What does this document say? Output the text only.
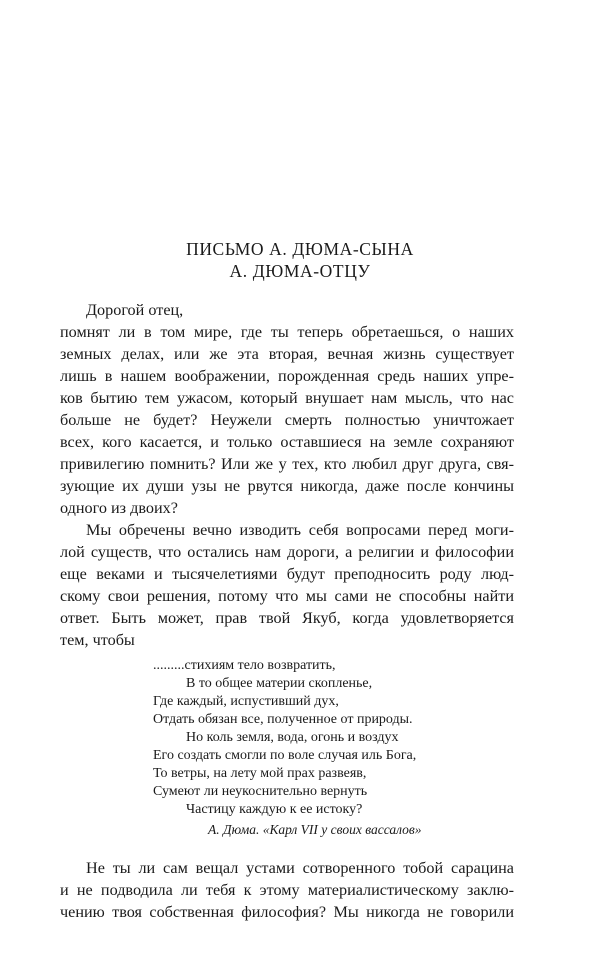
ПИСЬМО А. ДЮМА-СЫНА
А. ДЮМА-ОТЦУ
Дорогой отец,
помнят ли в том мире, где ты теперь обретаешься, о наших
земных делах, или же эта вторая, вечная жизнь существует
лишь в нашем воображении, порожденная средь наших упре-
ков бытию тем ужасом, который внушает нам мысль, что нас
больше не будет? Неужели смерть полностью уничтожает
всех, кого касается, и только оставшиеся на земле сохраняют
привилегию помнить? Или же у тех, кто любил друг друга, свя-
зующие их души узы не рвутся никогда, даже после кончины
одного из двоих?
Мы обречены вечно изводить себя вопросами перед моги-
лой существ, что остались нам дороги, а религии и философии
еще веками и тысячелетиями будут преподносить роду люд-
скому свои решения, потому что мы сами не способны найти
ответ. Быть может, прав твой Якуб, когда удовлетворяется
тем, чтобы
.........стихиям тело возвратить,
В то общее материи скопленье,
Где каждый, испустивший дух,
Отдать обязан все, полученное от природы.
Но коль земля, вода, огонь и воздух
Его создать смогли по воле случая иль Бога,
То ветры, на лету мой прах развеяв,
Сумеют ли неукоснительно вернуть
Частицу каждую к ее истоку?
А. Дюма. «Карл VII у своих вассалов»
Не ты ли сам вещал устами сотворенного тобой сарацина
и не подводила ли тебя к этому материалистическому заклю-
чению твоя собственная философия? Мы никогда не говорили
